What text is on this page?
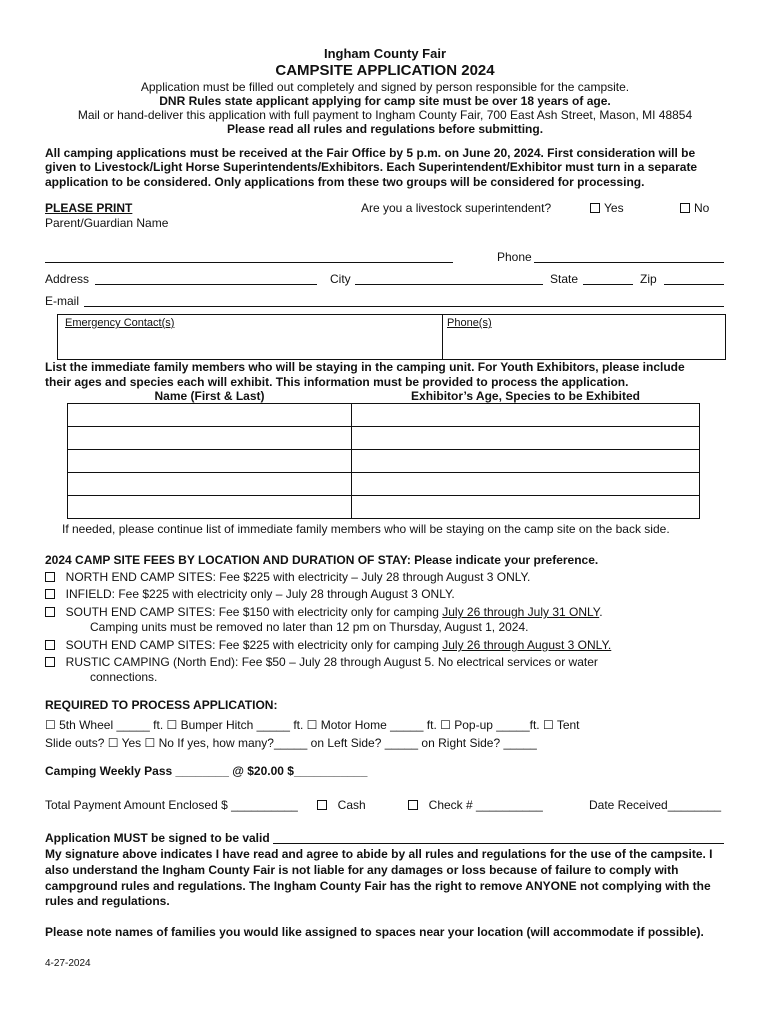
Ingham County Fair
CAMPSITE APPLICATION 2024
Application must be filled out completely and signed by person responsible for the campsite.
DNR Rules state applicant applying for camp site must be over 18 years of age.
Mail or hand-deliver this application with full payment to Ingham County Fair, 700 East Ash Street, Mason, MI 48854
Please read all rules and regulations before submitting.
All camping applications must be received at the Fair Office by 5 p.m. on June 20, 2024. First consideration will be
given to Livestock/Light Horse Superintendents/Exhibitors. Each Superintendent/Exhibitor must turn in a separate
application to be considered. Only applications from these two groups will be considered for processing.
PLEASE PRINT	Are you a livestock superintendent?	Yes	No
Parent/Guardian Name
Phone
Address	City	State	Zip
E-mail
Emergency Contact(s)	Phone(s)
List the immediate family members who will be staying in the camping unit. For Youth Exhibitors, please include
their ages and species each will exhibit. This information must be provided to process the application.
Name (First & Last)	Exhibitor’s Age, Species to be Exhibited

If needed, please continue list of immediate family members who will be staying on the camp site on the back side.
2024 CAMP SITE FEES BY LOCATION AND DURATION OF STAY: Please indicate your preference.
NORTH END CAMP SITES: Fee $225 with electricity – July 28 through August 3 ONLY.
INFIELD: Fee $225 with electricity only – July 28 through August 3 ONLY.
SOUTH END CAMP SITES: Fee $150 with electricity only for camping July 26 through July 31 ONLY.
Camping units must be removed no later than 12 pm on Thursday, August 1, 2024.
SOUTH END CAMP SITES: Fee $225 with electricity only for camping July 26 through August 3 ONLY.
RUSTIC CAMPING (North End): Fee $50 – July 28 through August 5. No electrical services or water
connections.
REQUIRED TO PROCESS APPLICATION:
☐ 5th Wheel _____ ft. ☐ Bumper Hitch _____ ft. ☐ Motor Home _____ ft. ☐ Pop-up _____ft. ☐ Tent
Slide outs? ☐ Yes ☐ No If yes, how many?_____ on Left Side? _____ on Right Side? _____
Camping Weekly Pass ________ @ $20.00 $___________
Total Payment Amount Enclosed $ __________	Cash	Check # __________	Date Received________
Application MUST be signed to be valid
My signature above indicates I have read and agree to abide by all rules and regulations for the use of the campsite. I
also understand the Ingham County Fair is not liable for any damages or loss because of failure to comply with
campground rules and regulations. The Ingham County Fair has the right to remove ANYONE not complying with the
rules and regulations.
Please note names of families you would like assigned to spaces near your location (will accommodate if possible).
4-27-2024
